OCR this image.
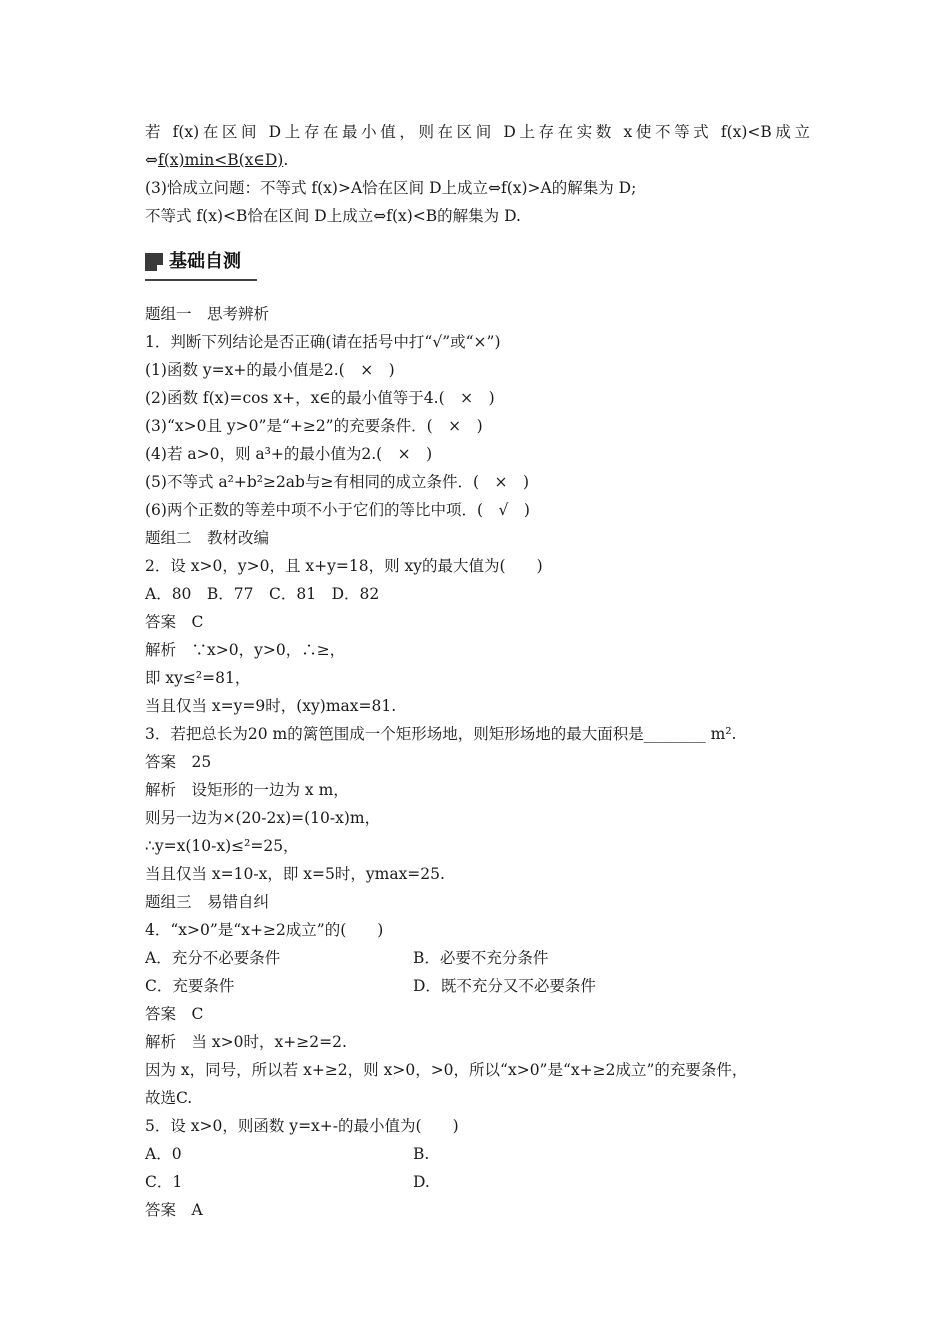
若 f(x)在区间 D上存在最小值，则在区间 D上存在实数 x使不等式 f(x)<B成立
⇔f(x)min<B(x∈D).
(3)恰成立问题：不等式 f(x)>A恰在区间 D上成立⇔f(x)>A的解集为 D;
不等式 f(x)<B恰在区间 D上成立⇔f(x)<B的解集为 D.
基础自测
题组一　思考辨析
1．判断下列结论是否正确(请在括号中打“√”或“×”)
(1)函数 y=x+的最小值是2.(　×　)
(2)函数 f(x)=cos x+，x∈的最小值等于4.(　×　)
(3)“x>0且 y>0”是“+≥2”的充要条件．(　×　)
(4)若 a>0，则 a³+的最小值为2.(　×　)
(5)不等式 a²+b²≥2ab与≥有相同的成立条件．(　×　)
(6)两个正数的等差中项不小于它们的等比中项．(　√　)
题组二　教材改编
2．设 x>0，y>0，且 x+y=18，则 xy的最大值为(　　)
A．80　B．77　C．81　D．82
答案　C
解析　∵x>0，y>0，∴≥，
即 xy≤²=81，
当且仅当 x=y=9时，(xy)max=81.
3．若把总长为20 m的篱笆围成一个矩形场地，则矩形场地的最大面积是________ m².
答案　25
解析　设矩形的一边为 x m，
则另一边为×(20-2x)=(10-x)m，
∴y=x(10-x)≤²=25，
当且仅当 x=10-x，即 x=5时，ymax=25.
题组三　易错自纠
4．“x>0”是“x+≥2成立”的(　　)
A．充分不必要条件	B．必要不充分条件
C．充要条件	D．既不充分又不必要条件
答案　C
解析　当 x>0时，x+≥2=2.
因为 x，同号，所以若 x+≥2，则 x>0，>0，所以“x>0”是“x+≥2成立”的充要条件，
故选C.
5．设 x>0，则函数 y=x+-的最小值为(　　)
A．0	B.
C．1	D.
答案　A
